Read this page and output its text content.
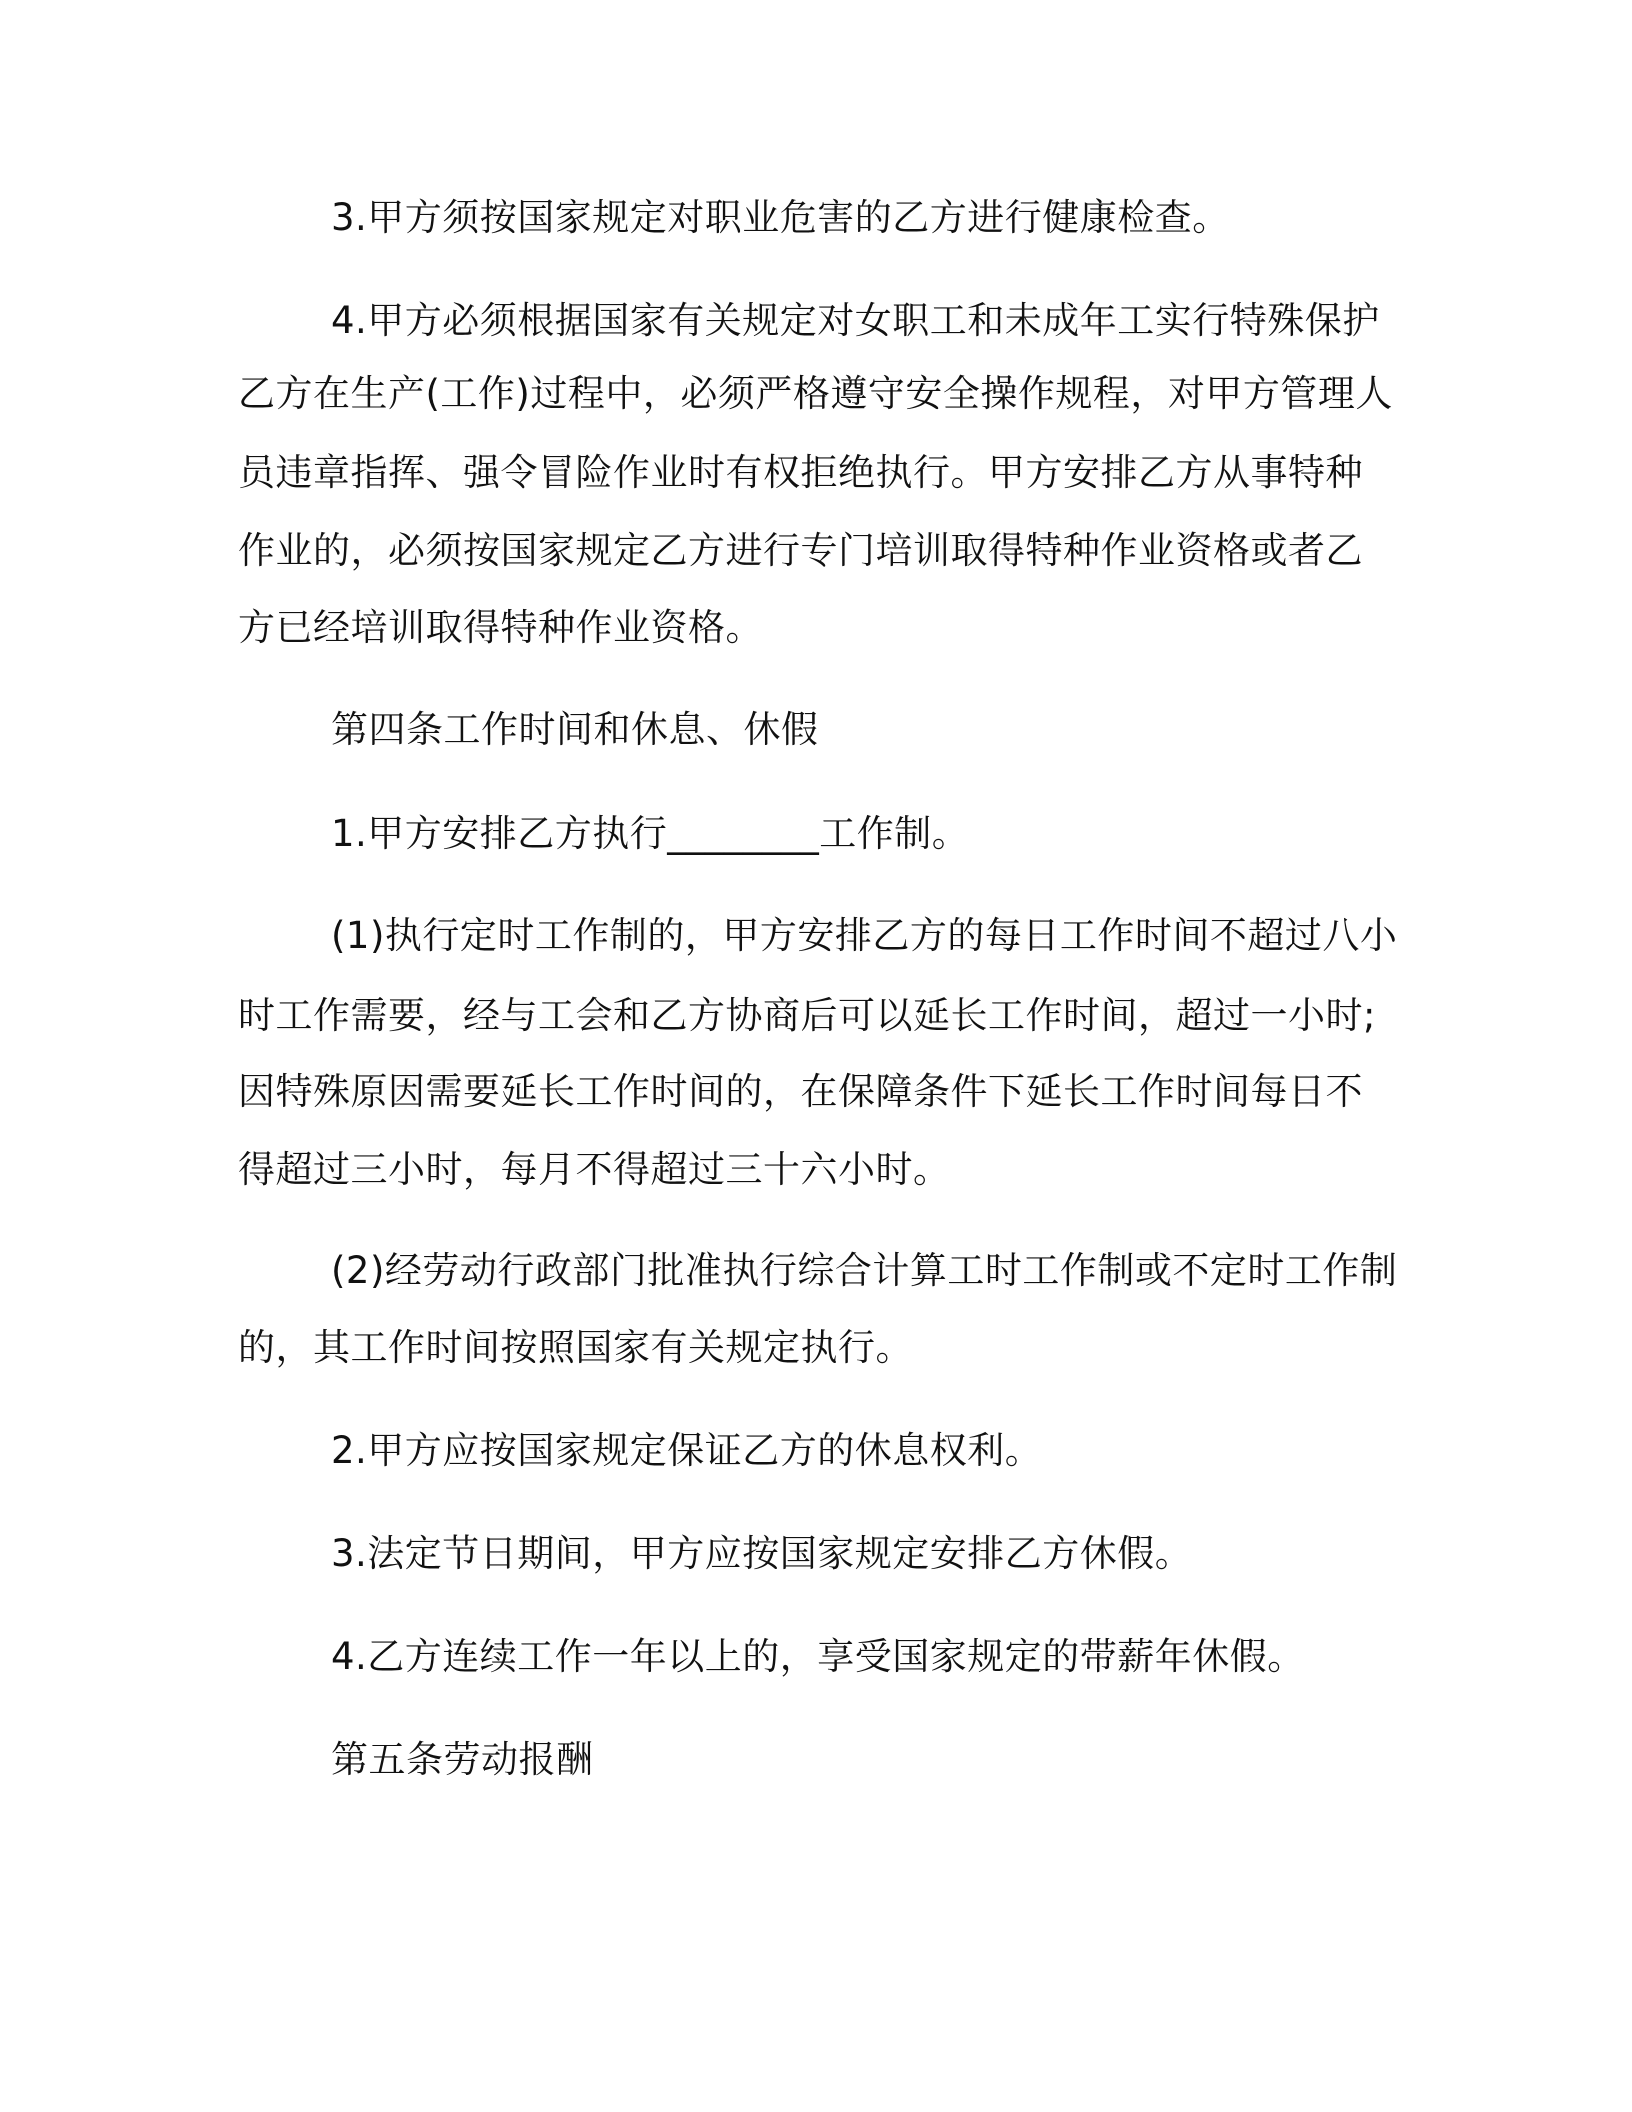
3.甲方须按国家规定对职业危害的乙方进行健康检查。
4.甲方必须根据国家有关规定对女职工和未成年工实行特殊保护
乙方在生产(工作)过程中，必须严格遵守安全操作规程，对甲方管理人
员违章指挥、强令冒险作业时有权拒绝执行。甲方安排乙方从事特种
作业的，必须按国家规定乙方进行专门培训取得特种作业资格或者乙
方已经培训取得特种作业资格。
第四条工作时间和休息、休假
1.甲方安排乙方执行________工作制。
(1)执行定时工作制的，甲方安排乙方的每日工作时间不超过八小
时工作需要，经与工会和乙方协商后可以延长工作时间，超过一小时;
因特殊原因需要延长工作时间的，在保障条件下延长工作时间每日不
得超过三小时，每月不得超过三十六小时。
(2)经劳动行政部门批准执行综合计算工时工作制或不定时工作制
的，其工作时间按照国家有关规定执行。
2.甲方应按国家规定保证乙方的休息权利。
3.法定节日期间，甲方应按国家规定安排乙方休假。
4.乙方连续工作一年以上的，享受国家规定的带薪年休假。
第五条劳动报酬
